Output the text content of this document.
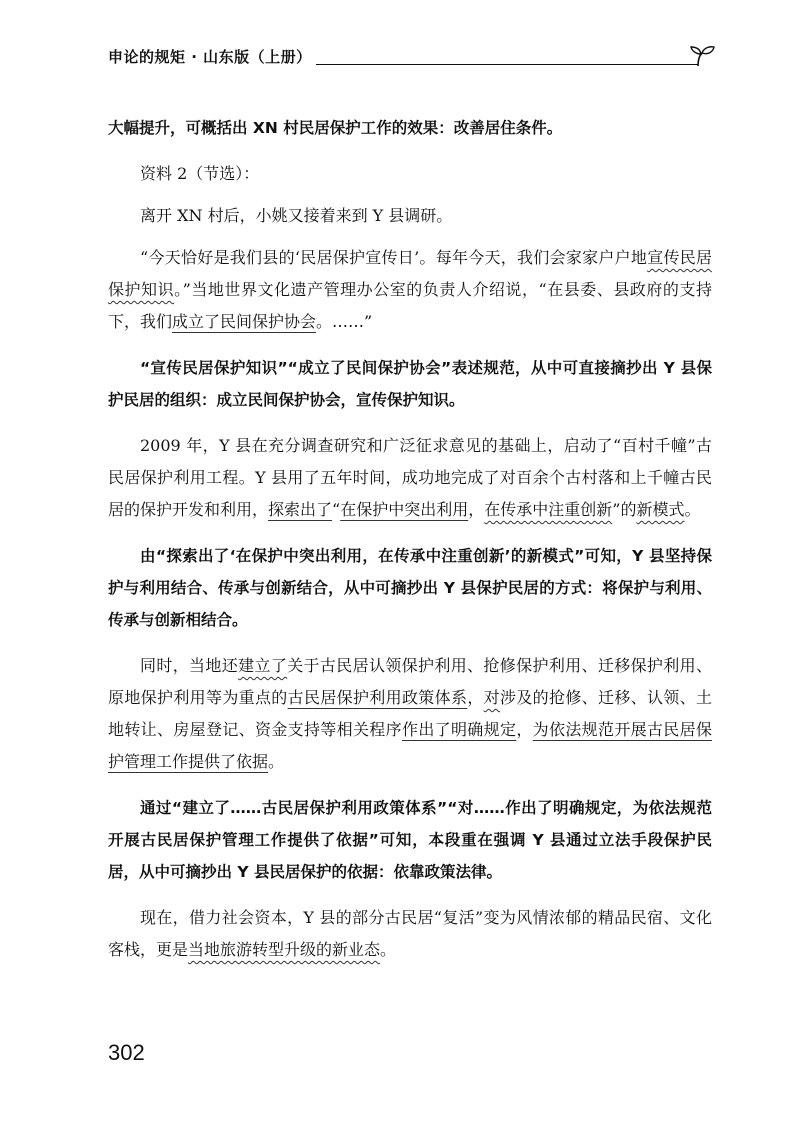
申论的规矩 · 山东版（上册）

大幅提升，可概括出 XN 村民居保护工作的效果：改善居住条件。

资料 2（节选）：

离开 XN 村后，小姚又接着来到 Y 县调研。

“今天恰好是我们县的‘民居保护宣传日’。每年今天，我们会家家户户地宣传民居保护知识。”当地世界文化遗产管理办公室的负责人介绍说，“在县委、县政府的支持下，我们成立了民间保护协会。……”

“宣传民居保护知识”“成立了民间保护协会”表述规范，从中可直接摘抄出 Y 县保护民居的组织：成立民间保护协会，宣传保护知识。

2009 年，Y 县在充分调查研究和广泛征求意见的基础上，启动了“百村千幢”古民居保护利用工程。Y 县用了五年时间，成功地完成了对百余个古村落和上千幢古民居的保护开发和利用，探索出了“在保护中突出利用，在传承中注重创新”的新模式。

由“探索出了‘在保护中突出利用，在传承中注重创新’的新模式”可知，Y 县坚持保护与利用结合、传承与创新结合，从中可摘抄出 Y 县保护民居的方式：将保护与利用、传承与创新相结合。

同时，当地还建立了关于古民居认领保护利用、抢修保护利用、迁移保护利用、原地保护利用等为重点的古民居保护利用政策体系，对涉及的抢修、迁移、认领、土地转让、房屋登记、资金支持等相关程序作出了明确规定，为依法规范开展古民居保护管理工作提供了依据。

通过“建立了……古民居保护利用政策体系”“对……作出了明确规定，为依法规范开展古民居保护管理工作提供了依据”可知，本段重在强调 Y 县通过立法手段保护民居，从中可摘抄出 Y 县民居保护的依据：依靠政策法律。

现在，借力社会资本，Y 县的部分古民居“复活”变为风情浓郁的精品民宿、文化客栈，更是当地旅游转型升级的新业态。

302
